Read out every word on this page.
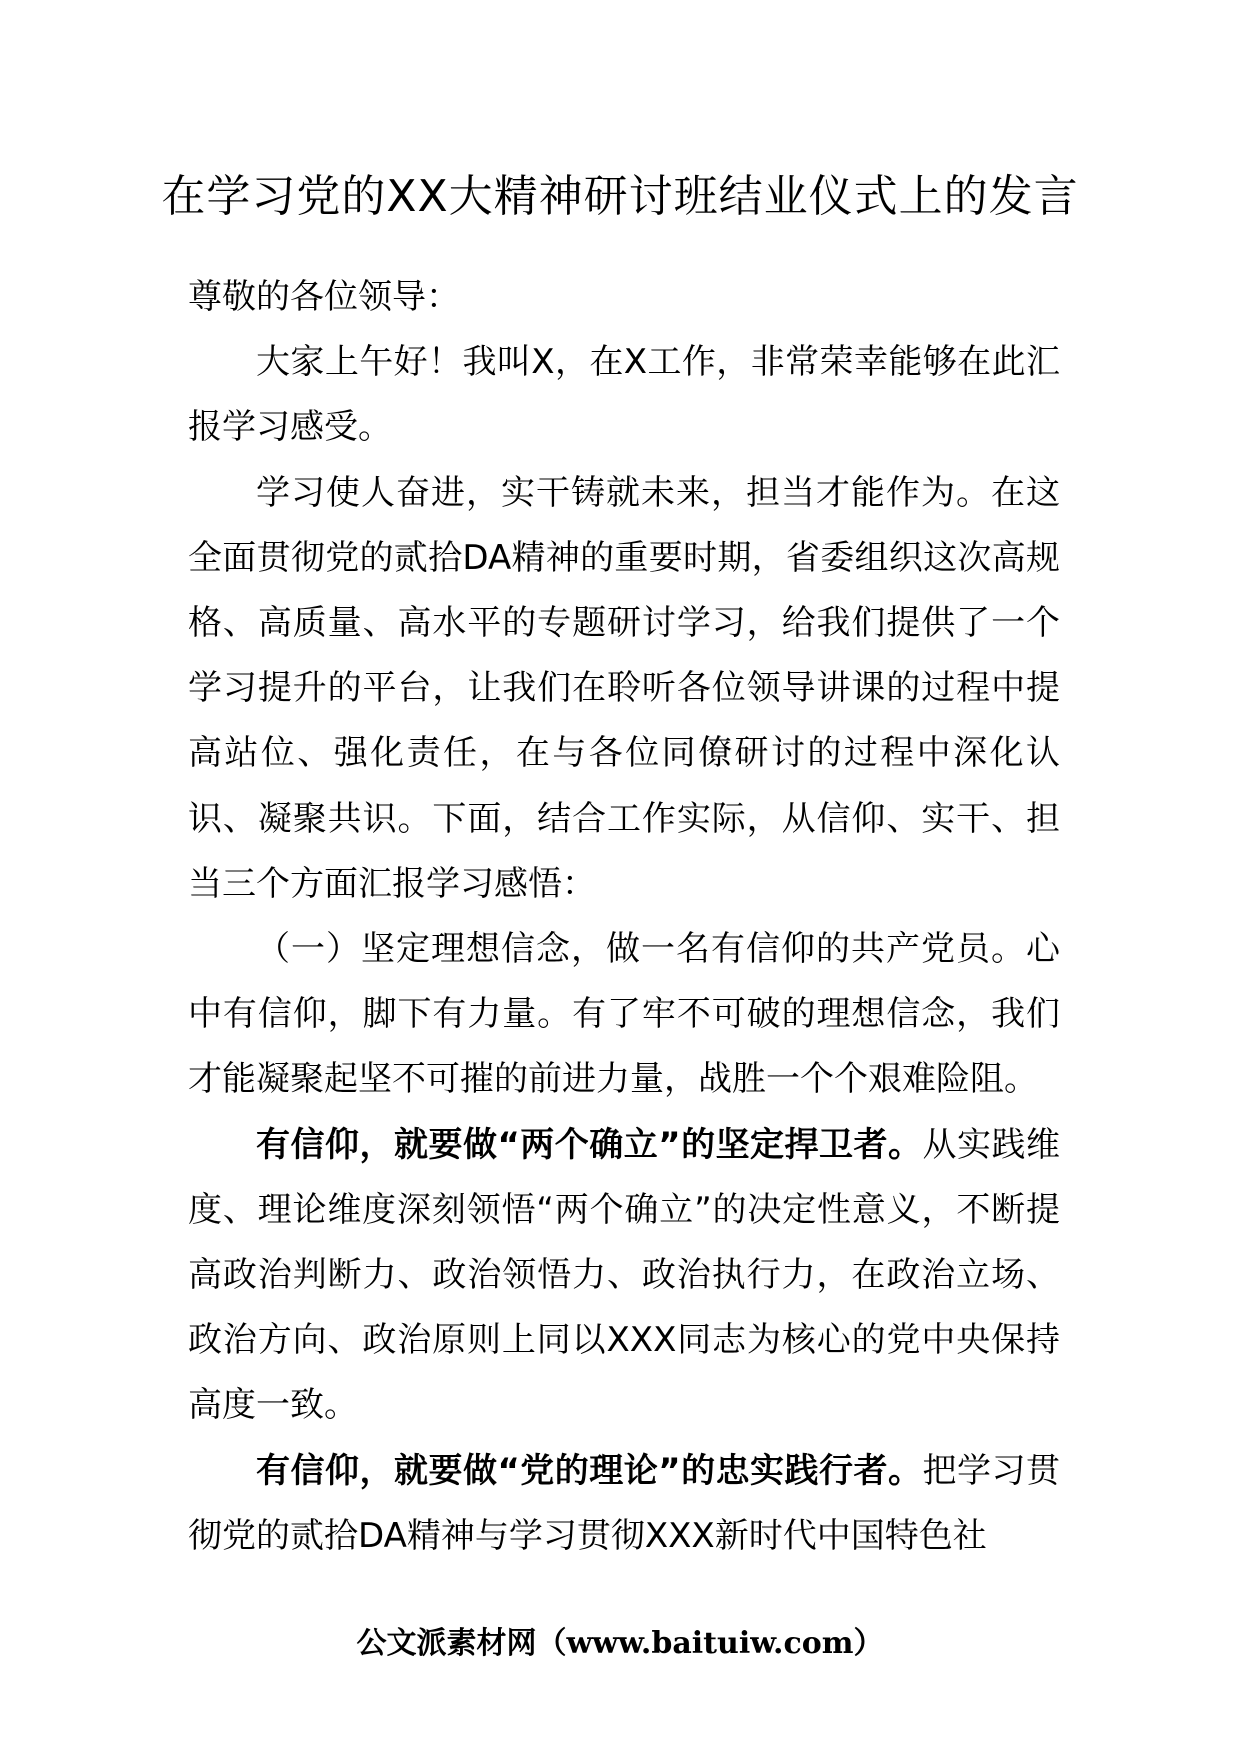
在学习党的XX大精神研讨班结业仪式上的发言

尊敬的各位领导：

大家上午好！我叫X，在X工作，非常荣幸能够在此汇报学习感受。

学习使人奋进，实干铸就未来，担当才能作为。在这全面贯彻党的贰拾DA精神的重要时期，省委组织这次高规格、高质量、高水平的专题研讨学习，给我们提供了一个学习提升的平台，让我们在聆听各位领导讲课的过程中提高站位、强化责任，在与各位同僚研讨的过程中深化认识、凝聚共识。下面，结合工作实际，从信仰、实干、担当三个方面汇报学习感悟：

（一）坚定理想信念，做一名有信仰的共产党员。心中有信仰，脚下有力量。有了牢不可破的理想信念，我们才能凝聚起坚不可摧的前进力量，战胜一个个艰难险阻。

有信仰，就要做“两个确立”的坚定捍卫者。从实践维度、理论维度深刻领悟“两个确立”的决定性意义，不断提高政治判断力、政治领悟力、政治执行力，在政治立场、政治方向、政治原则上同以XXX同志为核心的党中央保持高度一致。

有信仰，就要做“党的理论”的忠实践行者。把学习贯彻党的贰拾DA精神与学习贯彻XXX新时代中国特色社

公文派素材网（www.baituiw.com）
